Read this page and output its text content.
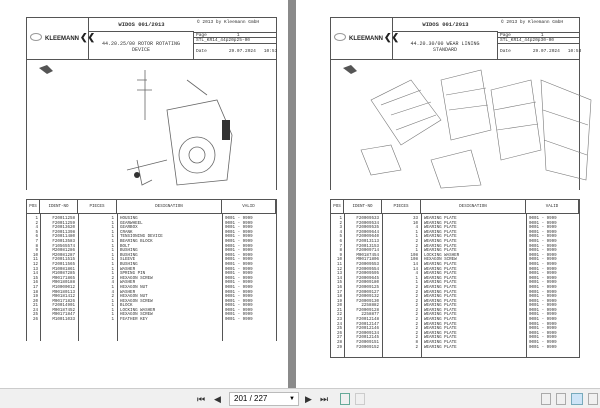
KLEEMANN❮❮
WIDOS 001/2013	© 2013 by Kleemann GmbH
44.20.25/00 ROTOR ROTATING
DEVICE
Page	1
STL_KR14_44p20p25-00
Date	29.07.2024 10:53
POS	IDENT-NO	PIECES	DESIGNATION	VALID
1	F20011258	1	HOUSING	0001 - 9999
2	F20011259	1	GEARWHEEL	0001 - 9999
4	F20013620	1	GEARBOX	0001 - 9999
5	F20011398	1	CRANK	0001 - 9999
6	F20011480	1	TENSIONING DEVICE	0001 - 9999
7	F20013583	1	BEARING BLOCK	0001 - 9999
8	F10565574	1	BOLT	0001 - 9999
9	M20081286	1	BUSHING	0001 - 9999
10	M20081287	1	BUSHING	0001 - 9999
11	F20011515	1	SLEEVE	0001 - 9999
12	F20011565	1	BUSHING	0001 - 9999
13	M10081861	1	WASHER	0001 - 9999
14	M10087285	1	SPRING PIN	0001 - 9999
15	M00171865	2	HEXAGON SCREW	0001 - 9999
16	M00180188	4	WASHER	0001 - 9999
17	M10000012	1	HEXAGON NUT	0001 - 9999
18	M00180113	4	WASHER	0001 - 9999
19	M00181412	2	HEXAGON NUT	0001 - 9999
20	M00171826	1	HEXAGON SCREW	0001 - 9999
21	F20014901	1	BLOCK	0001 - 9999
24	M00187452	1	LOCKING WASHER	0001 - 9999
25	M00171847	1	HEXAGON SCREW	0001 - 9999
26	M10011033	1	FEATHER KEY	0001 - 9999
KLEEMANN❮❮
WIDOS 001/2013	© 2013 by Kleemann GmbH
44.20.30/00 WEAR LINING
STANDARD
Page	1
STL_KR14_44p20p30-00
Date	29.07.2024 10:53
POS	IDENT-NO	PIECES	DESIGNATION	VALID
1	F20009533	33	WEARING PLATE	0001 - 9999
2	F20009534	10	WEARING PLATE	0001 - 9999
3	F20009535	4	WEARING PLATE	0001 - 9999
4	F20009644	1	WEARING PLATE	0001 - 9999
5	F20009640	1	WEARING PLATE	0001 - 9999
6	F20013113	2	WEARING PLATE	0001 - 9999
7	F20013153	2	WEARING PLATE	0001 - 9999
8	F20009714	1	WEARING PLATE	0001 - 9999
9	M00187454	108	LOCKING WASHER	0001 - 9999
10	M00171806	108	HEXAGON SCREW	0001 - 9999
11	F20009553	14	WEARING PLATE	0001 - 9999
12	F20009554	14	WEARING PLATE	0001 - 9999
13	F20009595	4	WEARING PLATE	0001 - 9999
14	F20009645	1	WEARING PLATE	0001 - 9999
15	F20009180	1	WEARING PLATE	0001 - 9999
16	F20009125	2	WEARING PLATE	0001 - 9999
17	F20009127	2	WEARING PLATE	0001 - 9999
18	F20009132	2	WEARING PLATE	0001 - 9999
19	F20009130	2	WEARING PLATE	0001 - 9999
20	2258882	2	WEARING PLATE	0001 - 9999
21	F20009128	2	WEARING PLATE	0001 - 9999
22	2258877	2	WEARING PLATE	0001 - 9999
23	F20012148	2	WEARING PLATE	0001 - 9999
24	F20012147	2	WEARING PLATE	0001 - 9999
25	F20012146	2	WEARING PLATE	0001 - 9999
26	F20009134	2	WEARING PLATE	0001 - 9999
27	F20012145	2	WEARING PLATE	0001 - 9999
28	F20009151	8	WEARING PLATE	0001 - 9999
29	F20009152	2	WEARING PLATE	0001 - 9999
⏮ ◀	201 / 227	▼ ▶ ⏭
